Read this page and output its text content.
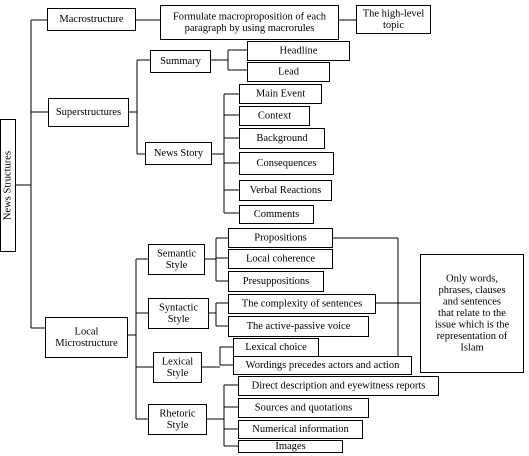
News Structures
Macrostructure	Formulate macroproposition of each
paragraph by using macrorules
The high-level
topic
Superstructures
Summary
Headline
Lead
News Story
Main Event
Context
Background
Consequences
Verbal Reactions
Comments
Local
Microstructure
Semantic
Style
Propositions
Local coherence
Presuppositions
Syntactic
Style
The complexity of sentences
The active-passive voice
Lexical
Style
Lexical choice
Wordings precedes actors and action
Rhetoric
Style
Direct description and eyewitness reports
Sources and quotations
Numerical information
Images
Only words,
phrases, clauses
and sentences
that relate to the
issue which is the
representation of
Islam
